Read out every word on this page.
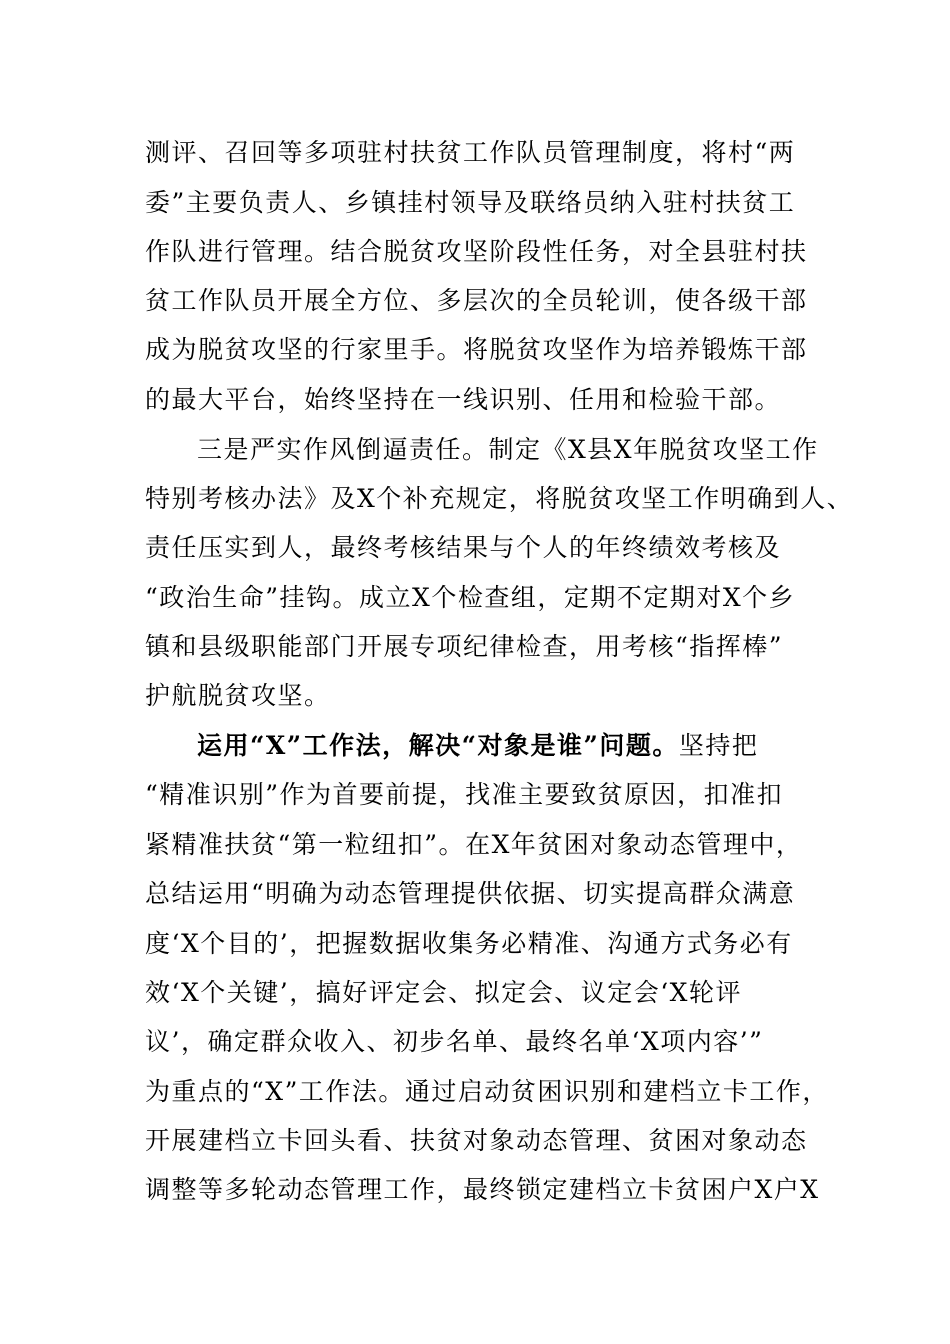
测评、召回等多项驻村扶贫工作队员管理制度，将村“两
委”主要负责人、乡镇挂村领导及联络员纳入驻村扶贫工
作队进行管理。结合脱贫攻坚阶段性任务，对全县驻村扶
贫工作队员开展全方位、多层次的全员轮训，使各级干部
成为脱贫攻坚的行家里手。将脱贫攻坚作为培养锻炼干部
的最大平台，始终坚持在一线识别、任用和检验干部。
三是严实作风倒逼责任。制定《X县X年脱贫攻坚工作
特别考核办法》及X个补充规定，将脱贫攻坚工作明确到人、
责任压实到人，最终考核结果与个人的年终绩效考核及
“政治生命”挂钩。成立X个检查组，定期不定期对X个乡
镇和县级职能部门开展专项纪律检查，用考核“指挥棒”
护航脱贫攻坚。
运用“X”工作法，解决“对象是谁”问题。坚持把
“精准识别”作为首要前提，找准主要致贫原因，扣准扣
紧精准扶贫“第一粒纽扣”。在X年贫困对象动态管理中，
总结运用“明确为动态管理提供依据、切实提高群众满意
度‘X个目的’，把握数据收集务必精准、沟通方式务必有
效‘X个关键’，搞好评定会、拟定会、议定会‘X轮评
议’，确定群众收入、初步名单、最终名单‘X项内容’”
为重点的“X”工作法。通过启动贫困识别和建档立卡工作，
开展建档立卡回头看、扶贫对象动态管理、贫困对象动态
调整等多轮动态管理工作，最终锁定建档立卡贫困户X户X
